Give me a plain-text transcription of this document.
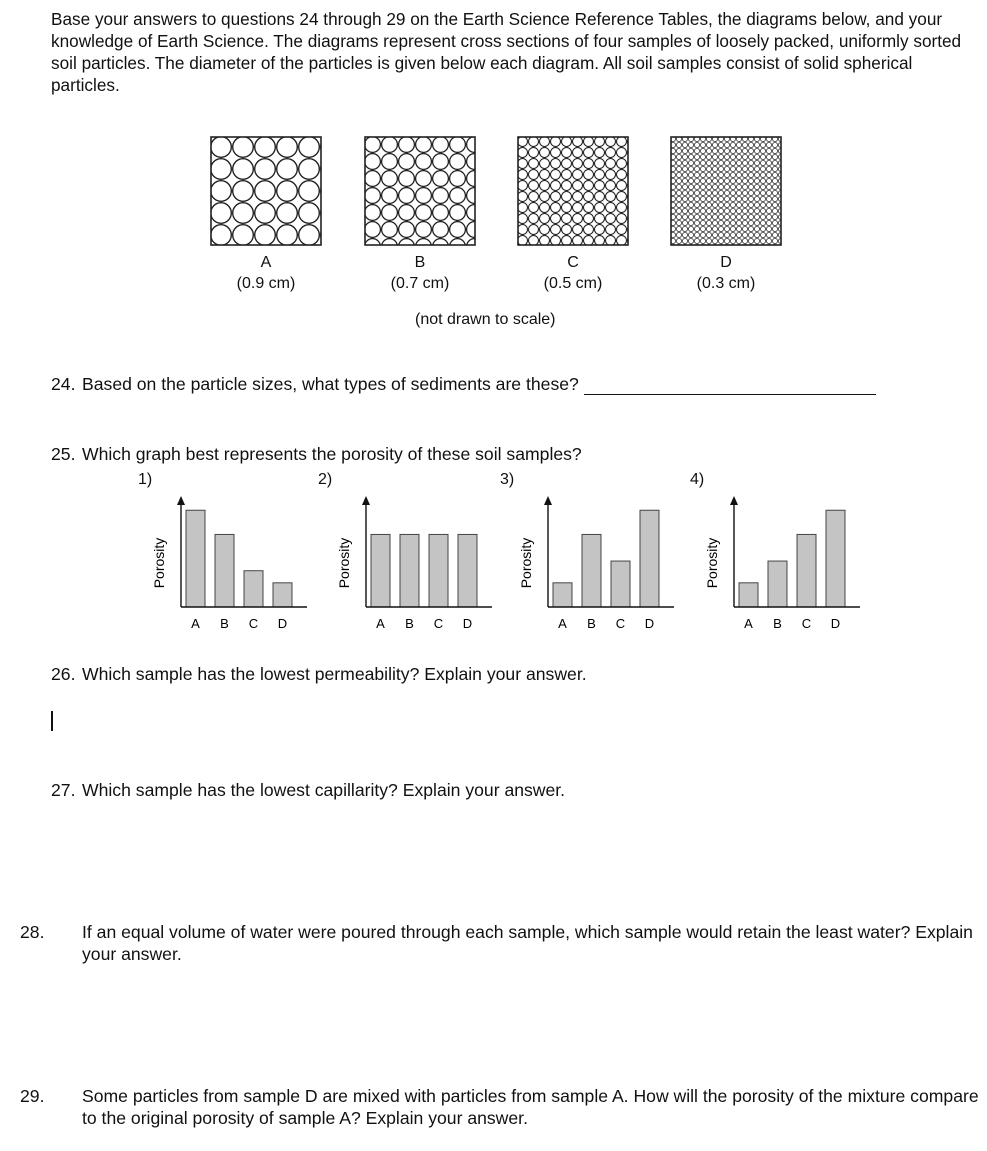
Base your answers to questions 24 through 29 on the Earth Science Reference Tables, the diagrams below, and your knowledge of Earth Science. The diagrams represent cross sections of four samples of loosely packed, uniformly sorted soil particles. The diameter of the particles is given below each diagram. All soil samples consist of solid spherical particles.

A
(0.9 cm)
B
(0.7 cm)
C
(0.5 cm)
D
(0.3 cm)
(not drawn to scale)

24. Based on the particle sizes, what types of sediments are these?

25. Which graph best represents the porosity of these soil samples?

1)	2)	3)	4)
Porosity
A B C D
Porosity
A B C D
Porosity
A B C D
Porosity
A B C D

26. Which sample has the lowest permeability? Explain your answer.

27. Which sample has the lowest capillarity? Explain your answer.

28. If an equal volume of water were poured through each sample, which sample would retain the least water? Explain your answer.

29. Some particles from sample D are mixed with particles from sample A. How will the porosity of the mixture compare to the original porosity of sample A? Explain your answer.
